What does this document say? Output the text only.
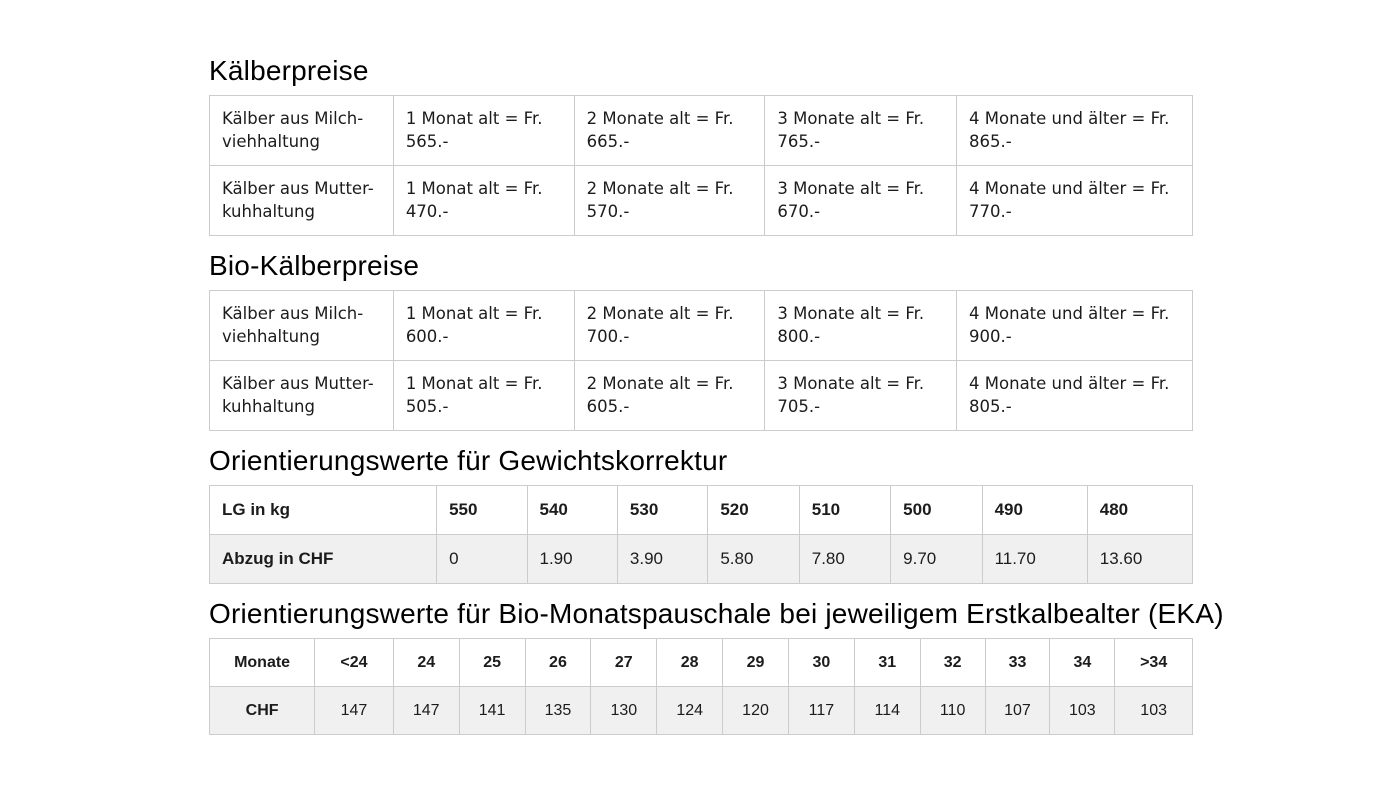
Kälberpreise
Kälber aus Milch- viehhaltung	1 Monat alt = Fr. 565.-	2 Monate alt = Fr. 665.-	3 Monate alt = Fr. 765.-	4 Monate und älter = Fr. 865.-
Kälber aus Mutter- kuhhaltung	1 Monat alt = Fr. 470.-	2 Monate alt = Fr. 570.-	3 Monate alt = Fr. 670.-	4 Monate und älter = Fr. 770.-
Bio-Kälberpreise
Kälber aus Milch- viehhaltung	1 Monat alt = Fr. 600.-	2 Monate alt = Fr. 700.-	3 Monate alt = Fr. 800.-	4 Monate und älter = Fr. 900.-
Kälber aus Mutter- kuhhaltung	1 Monat alt = Fr. 505.-	2 Monate alt = Fr. 605.-	3 Monate alt = Fr. 705.-	4 Monate und älter = Fr. 805.-
Orientierungswerte für Gewichtskorrektur
LG in kg	550	540	530	520	510	500	490	480
Abzug in CHF	0	1.90	3.90	5.80	7.80	9.70	11.70	13.60
Orientierungswerte für Bio-Monatspauschale bei jeweiligem Erstkalbealter (EKA)
Monate	<24	24	25	26	27	28	29	30	31	32	33	34	>34
CHF	147	147	141	135	130	124	120	117	114	110	107	103	103
